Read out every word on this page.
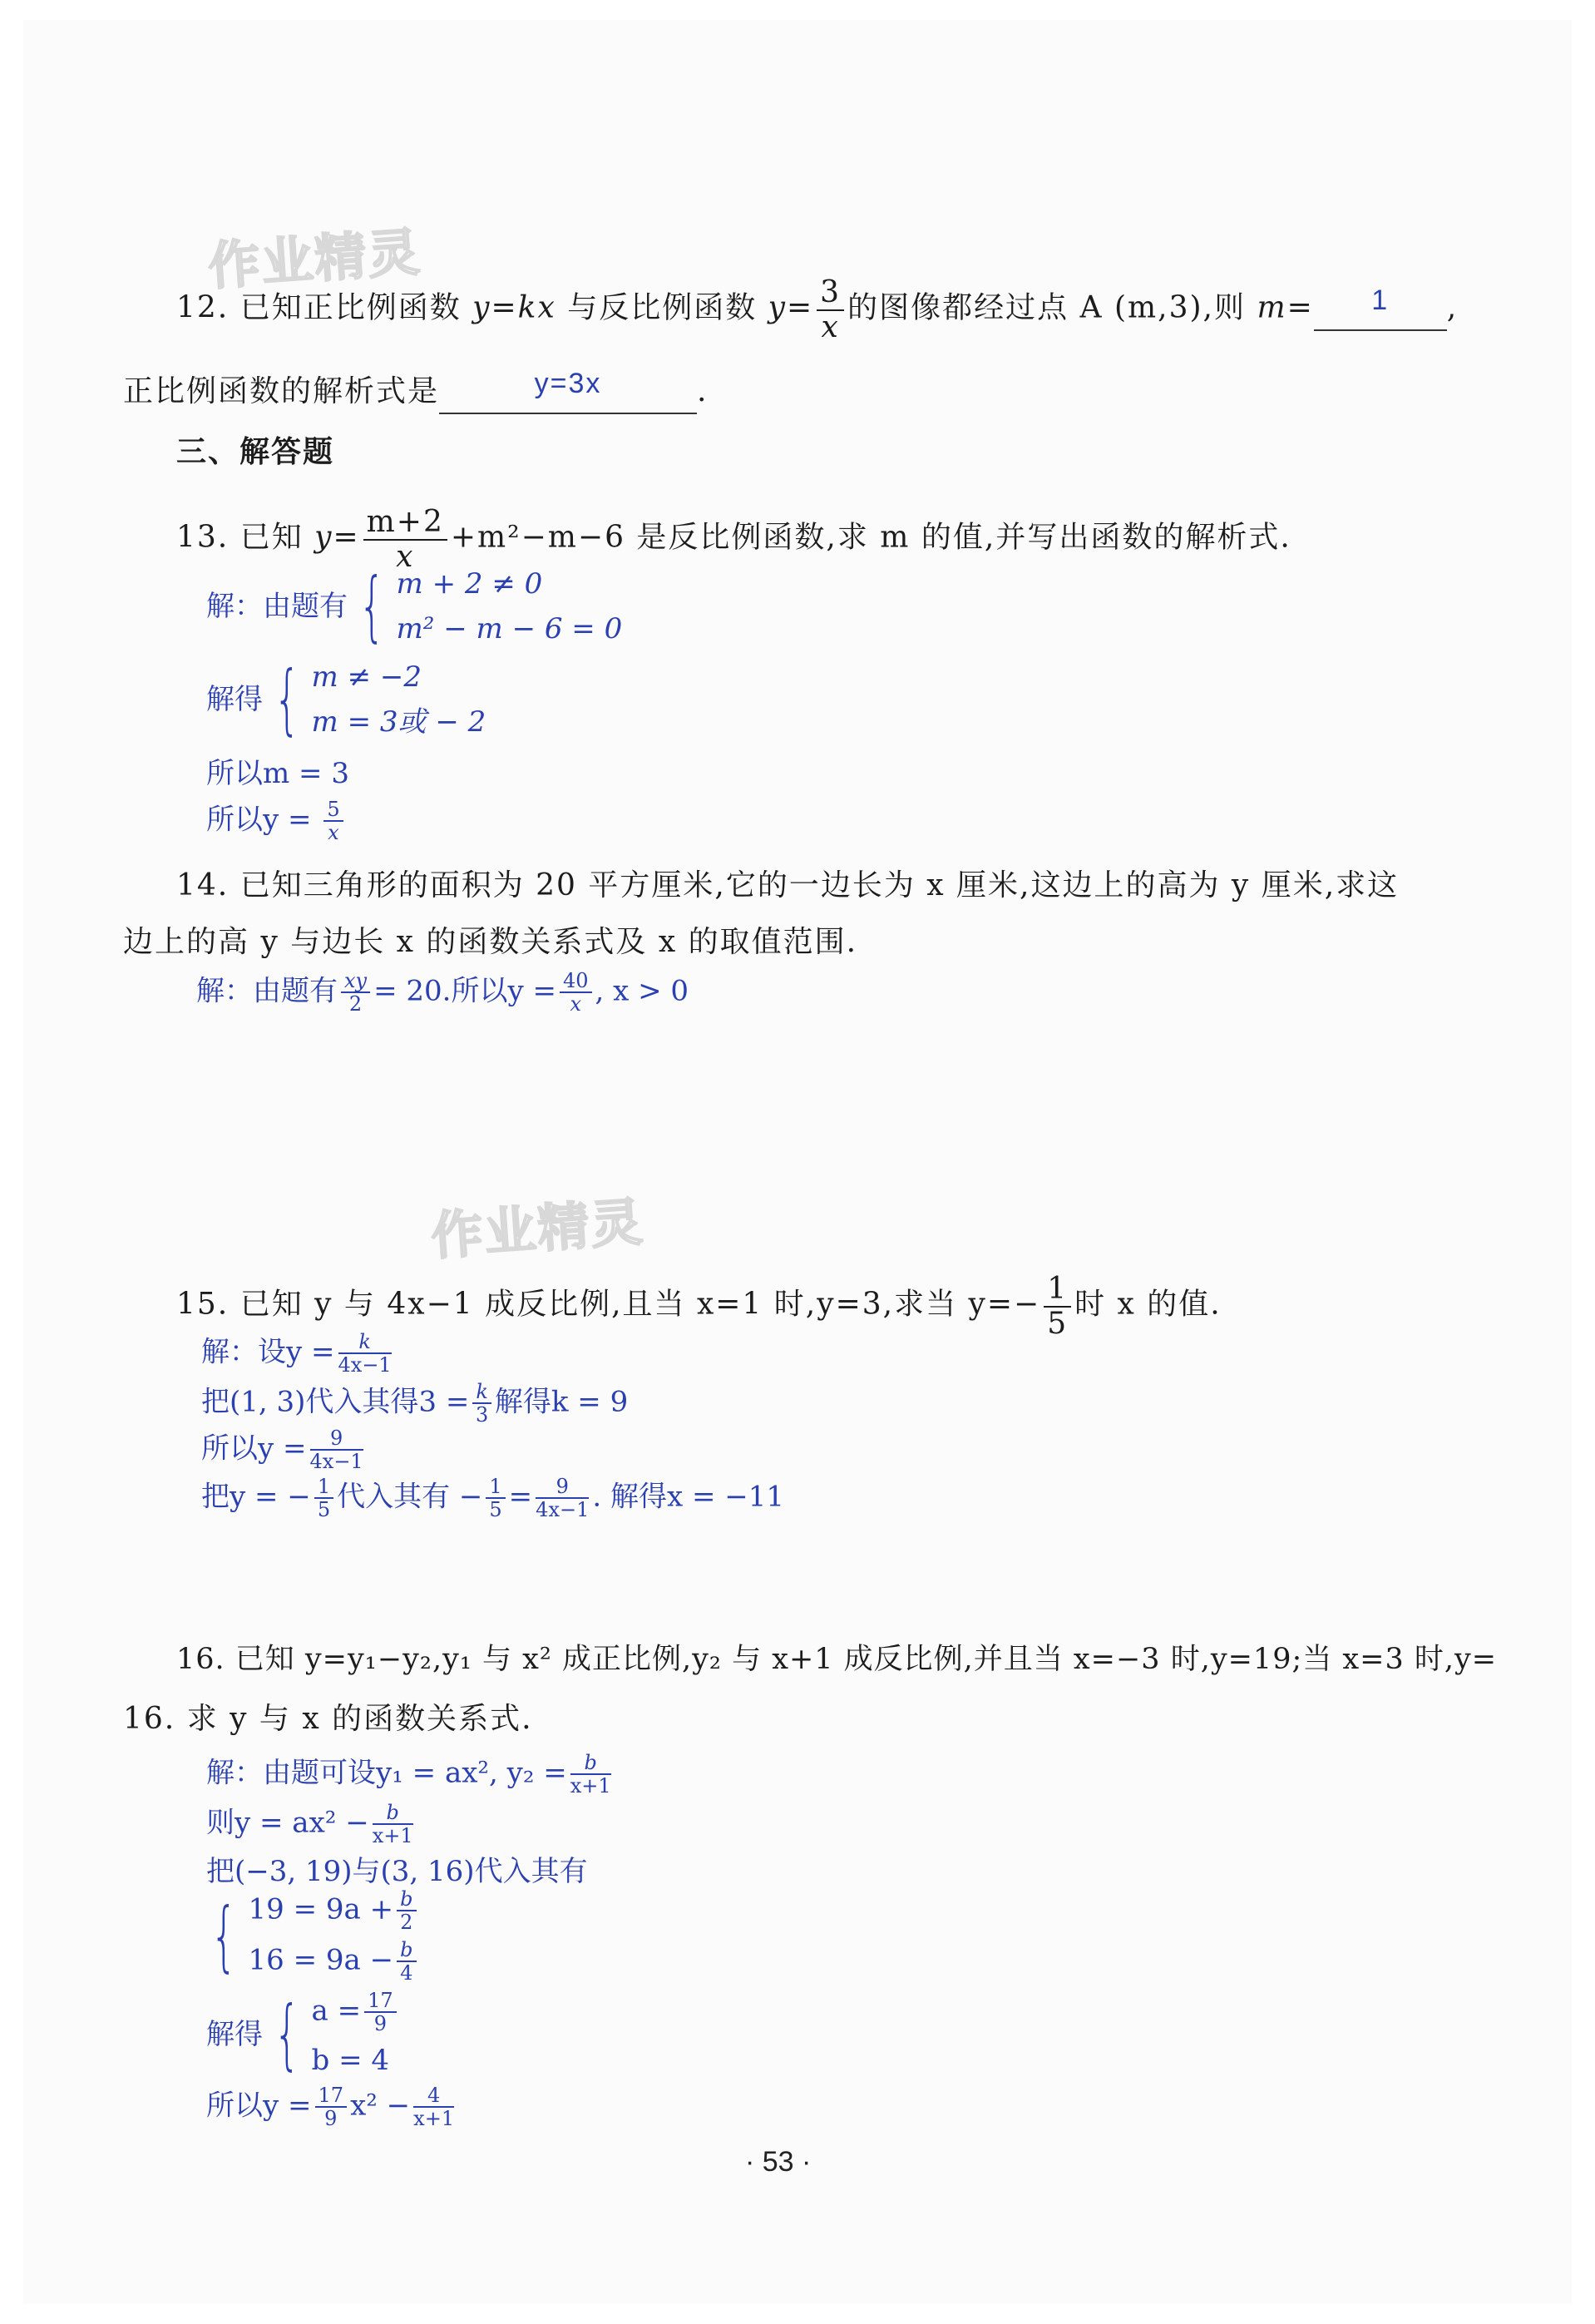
作业精灵
作业精灵
12. 已知正比例函数 y=kx 与反比例函数 $y= \frac{3}{x}$ 的图像都经过点 A (m,3),则 m= 1 ,
正比例函数的解析式是	y=3x	.
三、解答题
13. 已知 $y= \frac{m+2}{x} +m^2-m-6$ 是反比例函数,求 m 的值,并写出函数的解析式.
解：由题有 { m + 2 ≠ 0
m² − m − 6 = 0
解得 { m ≠ −2
m = 3或 − 2
所以m = 3
所以$y = \frac{5}{x}$
14. 已知三角形的面积为 20 平方厘米,它的一边长为 x 厘米,这边上的高为 y 厘米,求这
边上的高 y 与边长 x 的函数关系式及 x 的取值范围.
解：由题有 $\frac{xy}{2} = 20$.所以$y = \frac{40}{x}$ , x > 0
15. 已知 y 与 4x−1 成反比例,且当 x=1 时,y=3,求当 $y=- \frac{1}{5}$ 时 x 的值.
解：设$y = \frac{k}{4x-1}$
把(1, 3)代入其得$3 = \frac{k}{3}$ 解得k = 9
所以$y = \frac{9}{4x-1}$
把y = − $\frac{1}{5}$ 代入其有 − $\frac{1}{5} = \frac{9}{4x-1}$ . 解得x = −11
16. 已知 y=y₁−y₂,y₁ 与 x² 成正比例,y₂ 与 x+1 成反比例,并且当 x=−3 时,y=19;当 x=3 时,y=
16. 求 y 与 x 的函数关系式.
解：由题可设y₁ = ax², $y_2 = \frac{b}{x+1}$
则$y = ax^2 - \frac{b}{x+1}$
把(−3, 19)与(3, 16)代入其有
{ $19 = 9a + \frac{b}{2}$
$16 = 9a - \frac{b}{4}$
解得 { $a = \frac{17}{9}$
b = 4
所以$y = \frac{17}{9} x^2 - \frac{4}{x+1}$
· 53 ·
